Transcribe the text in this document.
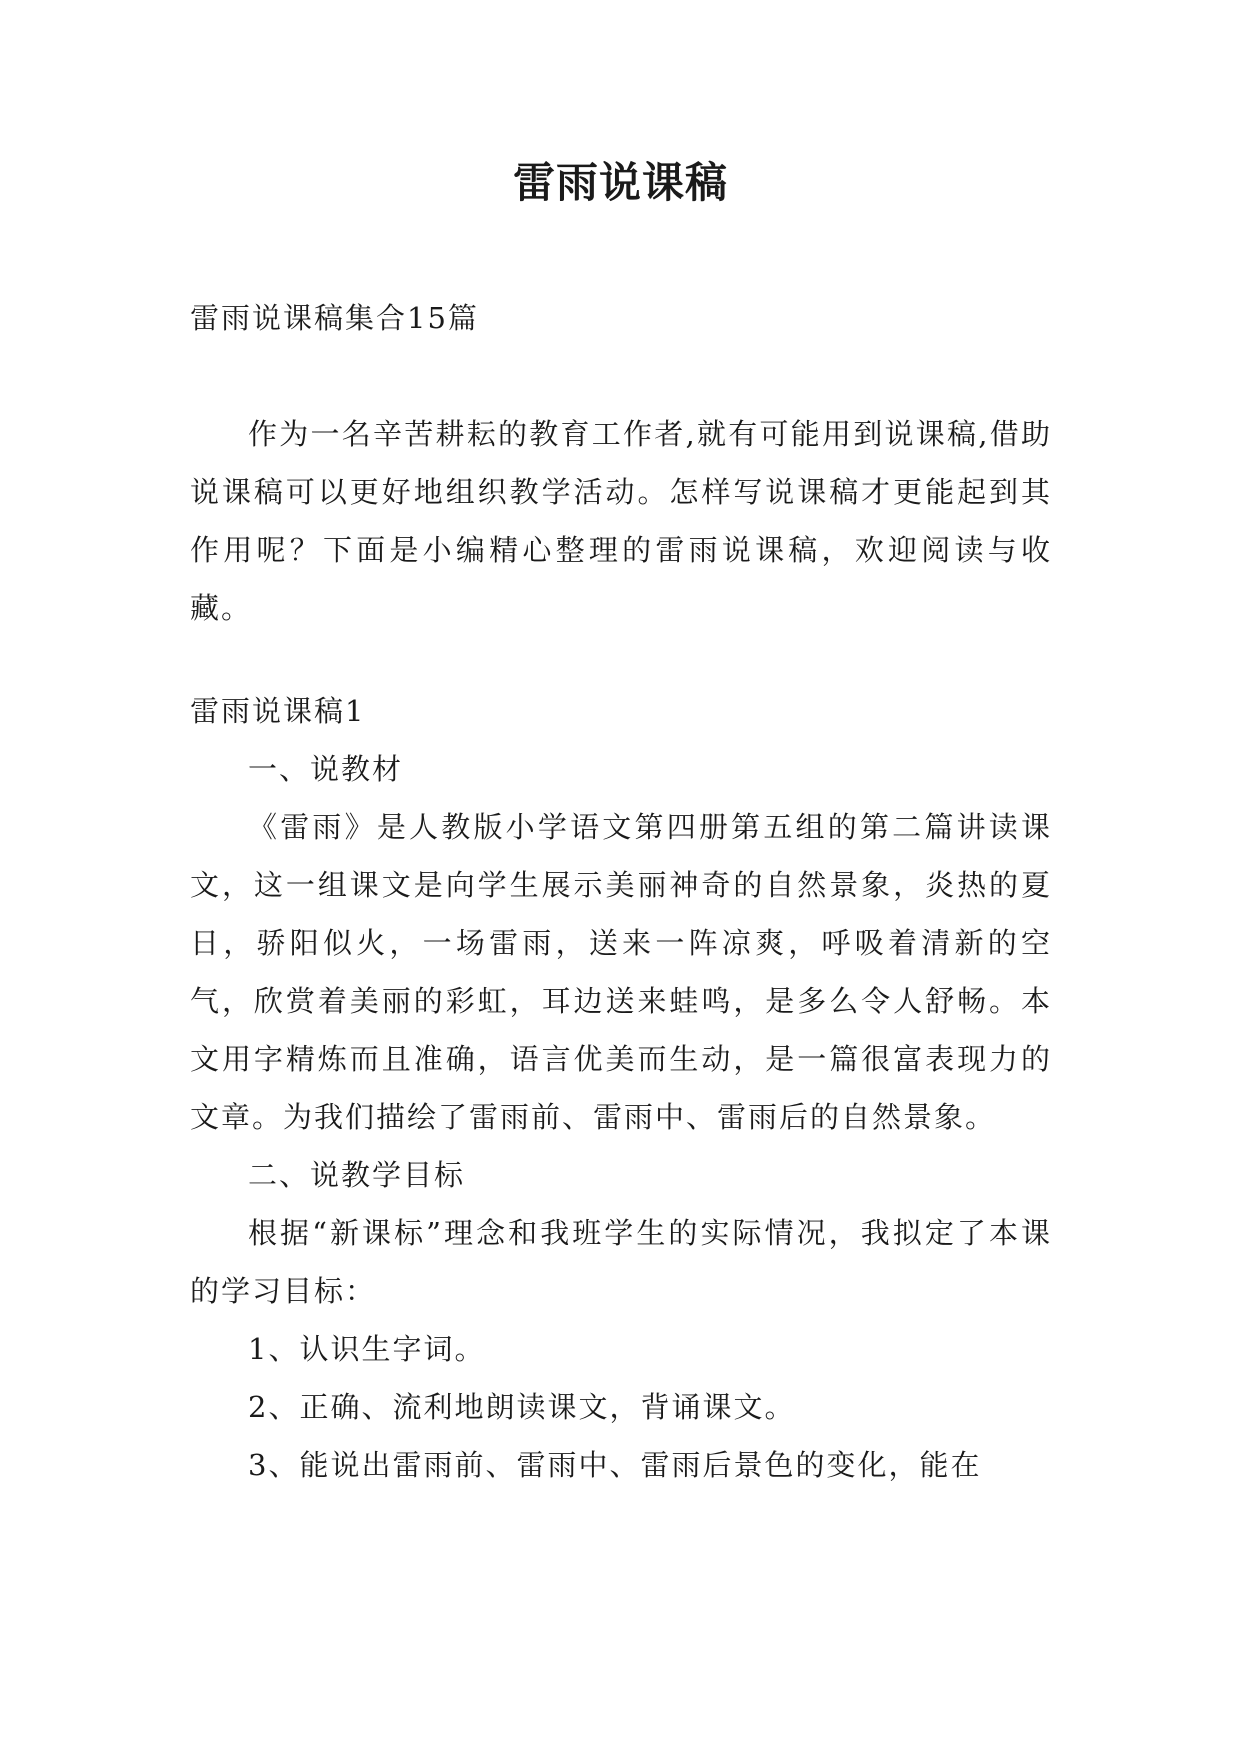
雷雨说课稿

雷雨说课稿集合15篇

作为一名辛苦耕耘的教育工作者,就有可能用到说课稿,借助说课稿可以更好地组织教学活动。怎样写说课稿才更能起到其作用呢？下面是小编精心整理的雷雨说课稿，欢迎阅读与收藏。

雷雨说课稿1

一、说教材

《雷雨》是人教版小学语文第四册第五组的第二篇讲读课文，这一组课文是向学生展示美丽神奇的自然景象，炎热的夏日，骄阳似火，一场雷雨，送来一阵凉爽，呼吸着清新的空气，欣赏着美丽的彩虹，耳边送来蛙鸣，是多么令人舒畅。本文用字精炼而且准确，语言优美而生动，是一篇很富表现力的文章。为我们描绘了雷雨前、雷雨中、雷雨后的自然景象。

二、说教学目标

根据“新课标”理念和我班学生的实际情况，我拟定了本课的学习目标：

1、认识生字词。

2、正确、流利地朗读课文，背诵课文。

3、能说出雷雨前、雷雨中、雷雨后景色的变化，能在
